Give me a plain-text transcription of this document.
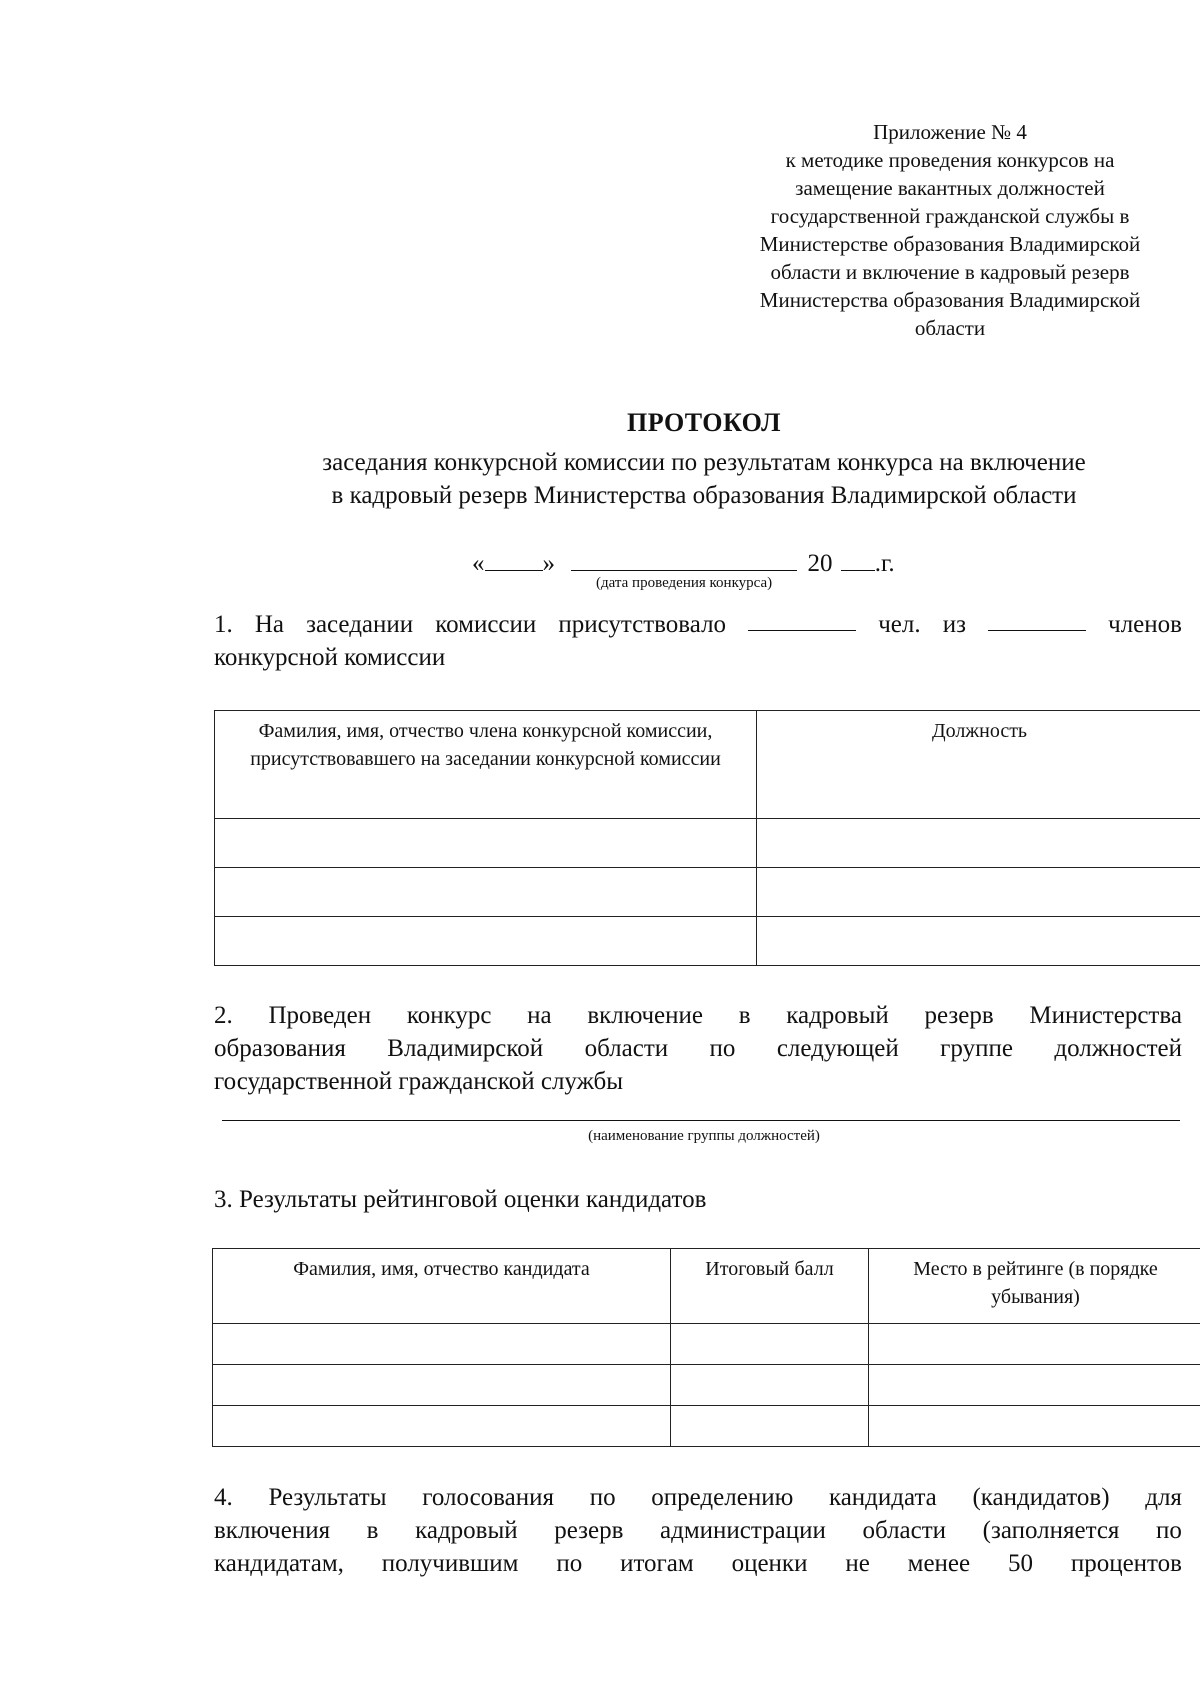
Приложение № 4
к методике проведения конкурсов на
замещение вакантных должностей
государственной гражданской службы в
Министерстве образования Владимирской
области и включение в кадровый резерв
Министерства образования Владимирской
области
ПРОТОКОЛ
заседания конкурсной комиссии по результатам конкурса на включение
в кадровый резерв Министерства образования Владимирской области
« »	20 .г.
(дата проведения конкурса)
1. На заседании комиссии присутствовало	чел. из	членов
конкурсной комиссии
Фамилия, имя, отчество члена конкурсной комиссии, присутствовавшего на заседании конкурсной комиссии	Должность

2. Проведен конкурс на включение в кадровый резерв Министерства
образования Владимирской области по следующей группе должностей
государственной гражданской службы
(наименование группы должностей)
3. Результаты рейтинговой оценки кандидатов
Фамилия, имя, отчество кандидата	Итоговый балл	Место в рейтинге (в порядке убывания)

4. Результаты голосования по определению кандидата (кандидатов) для
включения в кадровый резерв администрации области (заполняется по
кандидатам, получившим по итогам оценки не менее 50 процентов
